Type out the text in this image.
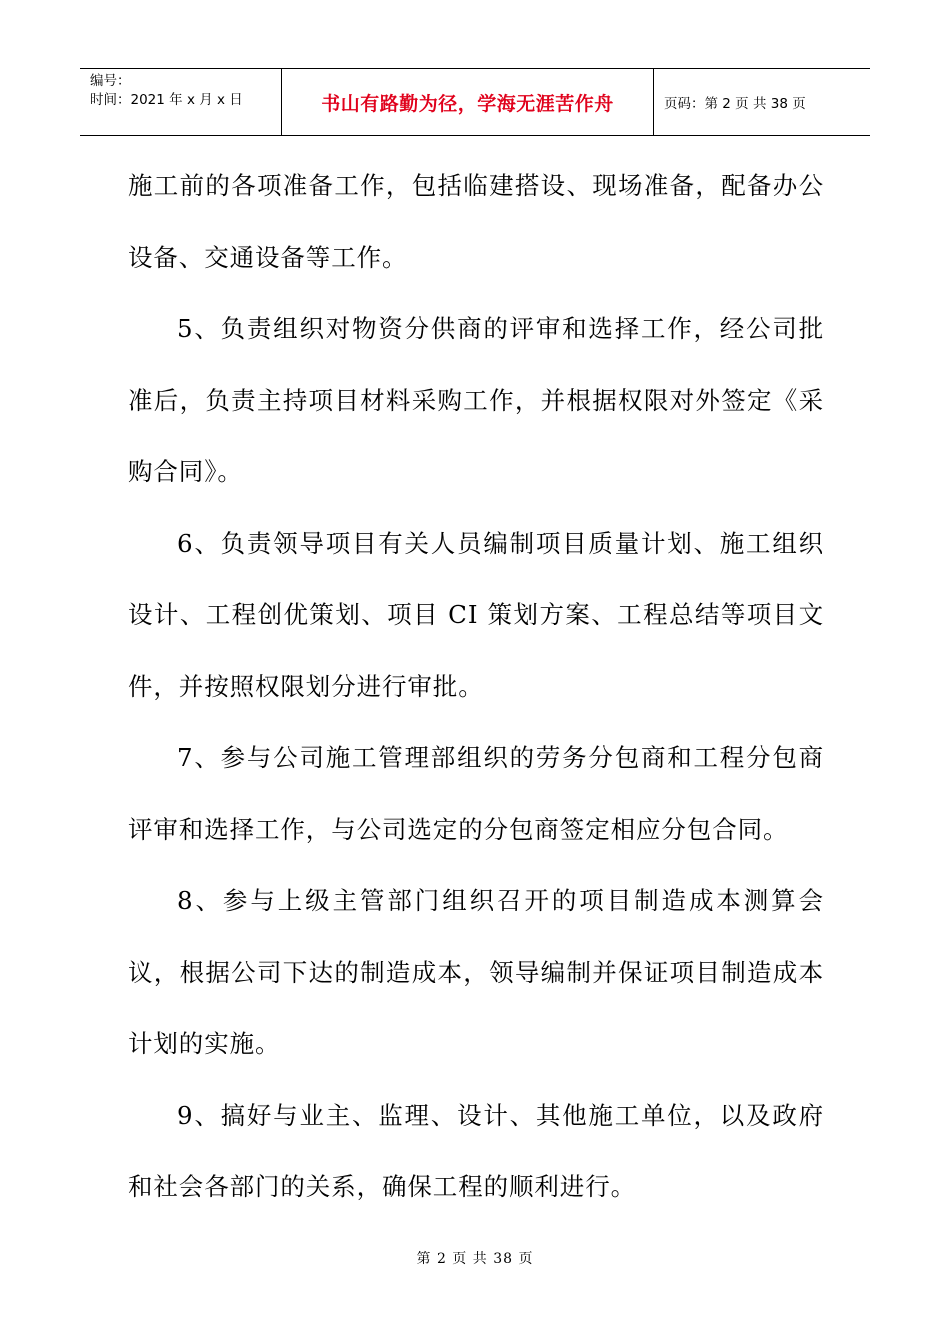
编号：
时间：2021 年 x 月 x 日	书山有路勤为径，学海无涯苦作舟	页码：第 2 页 共 38 页

施工前的各项准备工作，包括临建搭设、现场准备，配备办公设备、交通设备等工作。

5、负责组织对物资分供商的评审和选择工作，经公司批准后，负责主持项目材料采购工作，并根据权限对外签定《采购合同》。

6、负责领导项目有关人员编制项目质量计划、施工组织设计、工程创优策划、项目 CI 策划方案、工程总结等项目文件，并按照权限划分进行审批。

7、参与公司施工管理部组织的劳务分包商和工程分包商评审和选择工作，与公司选定的分包商签定相应分包合同。

8、参与上级主管部门组织召开的项目制造成本测算会议，根据公司下达的制造成本，领导编制并保证项目制造成本计划的实施。

9、搞好与业主、监理、设计、其他施工单位，以及政府和社会各部门的关系，确保工程的顺利进行。

第 2 页 共 38 页
